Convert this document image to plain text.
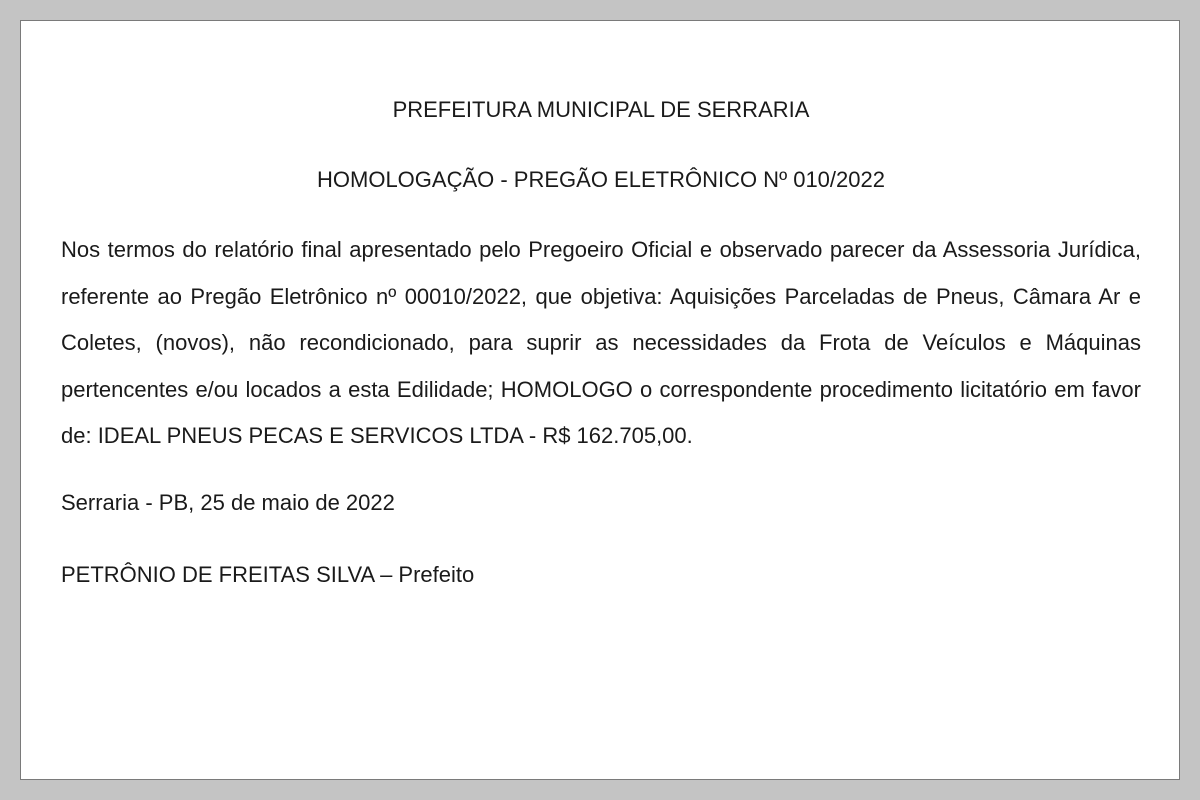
PREFEITURA MUNICIPAL DE SERRARIA
HOMOLOGAÇÃO - PREGÃO ELETRÔNICO Nº 010/2022

Nos termos do relatório final apresentado pelo Pregoeiro Oficial e observado parecer da Assessoria Jurídica, referente ao Pregão Eletrônico nº 00010/2022, que objetiva: Aquisições Parceladas de Pneus, Câmara Ar e Coletes, (novos), não recondicionado, para suprir as necessidades da Frota de Veículos e Máquinas pertencentes e/ou locados a esta Edilidade; HOMOLOGO o correspondente procedimento licitatório em favor de: IDEAL PNEUS PECAS E SERVICOS LTDA - R$ 162.705,00.

Serraria - PB, 25 de maio de 2022

PETRÔNIO DE FREITAS SILVA – Prefeito
